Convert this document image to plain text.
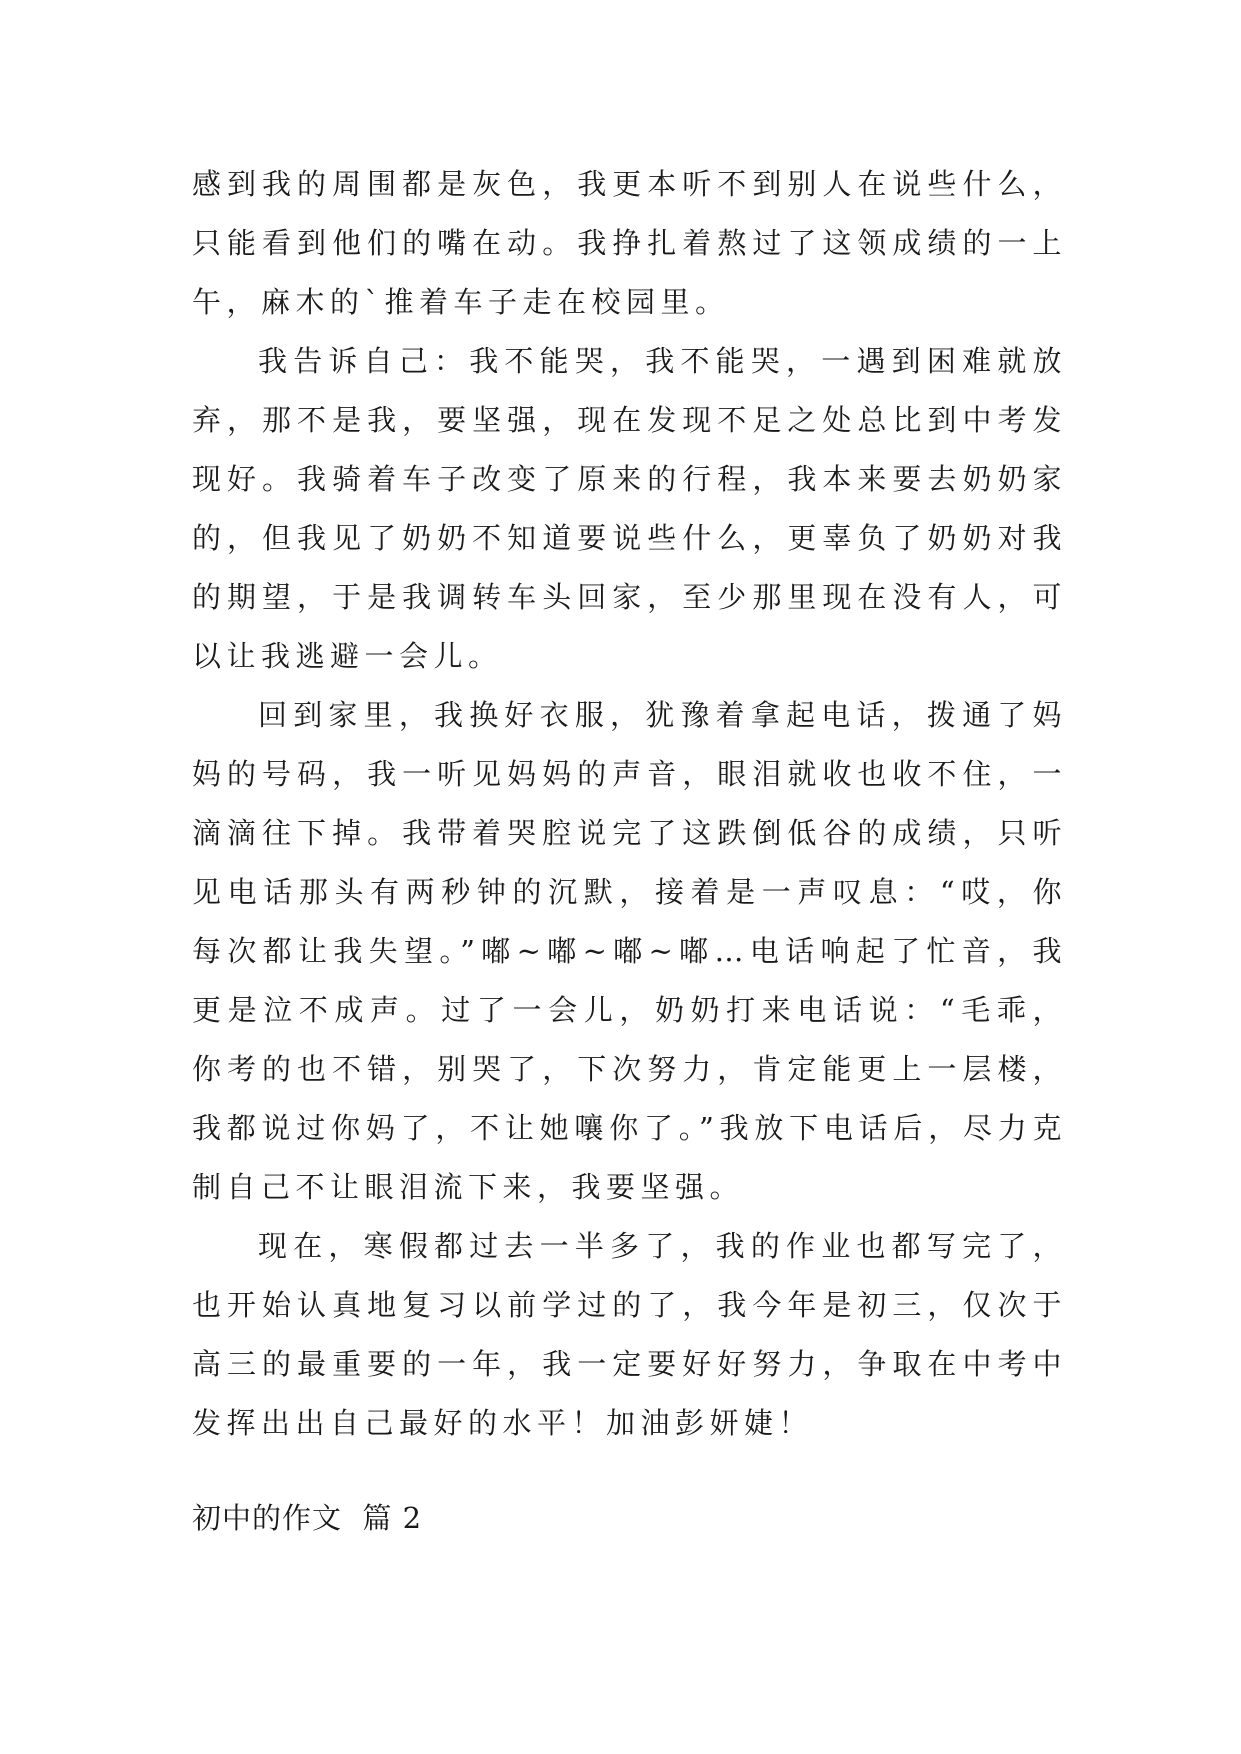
感到我的周围都是灰色，我更本听不到别人在说些什么，只能看到他们的嘴在动。我挣扎着熬过了这领成绩的一上午，麻木的`推着车子走在校园里。

我告诉自己：我不能哭，我不能哭，一遇到困难就放弃，那不是我，要坚强，现在发现不足之处总比到中考发现好。我骑着车子改变了原来的行程，我本来要去奶奶家的，但我见了奶奶不知道要说些什么，更辜负了奶奶对我的期望，于是我调转车头回家，至少那里现在没有人，可以让我逃避一会儿。

回到家里，我换好衣服，犹豫着拿起电话，拨通了妈妈的号码，我一听见妈妈的声音，眼泪就收也收不住，一滴滴往下掉。我带着哭腔说完了这跌倒低谷的成绩，只听见电话那头有两秒钟的沉默，接着是一声叹息：“哎，你每次都让我失望。”嘟~嘟~嘟~嘟…电话响起了忙音，我更是泣不成声。过了一会儿，奶奶打来电话说：“毛乖，你考的也不错，别哭了，下次努力，肯定能更上一层楼，我都说过你妈了，不让她嚷你了。”我放下电话后，尽力克制自己不让眼泪流下来，我要坚强。

现在，寒假都过去一半多了，我的作业也都写完了，也开始认真地复习以前学过的了，我今年是初三，仅次于高三的最重要的一年，我一定要好好努力，争取在中考中发挥出出自己最好的水平！加油彭妍婕！

初中的作文  篇 2
